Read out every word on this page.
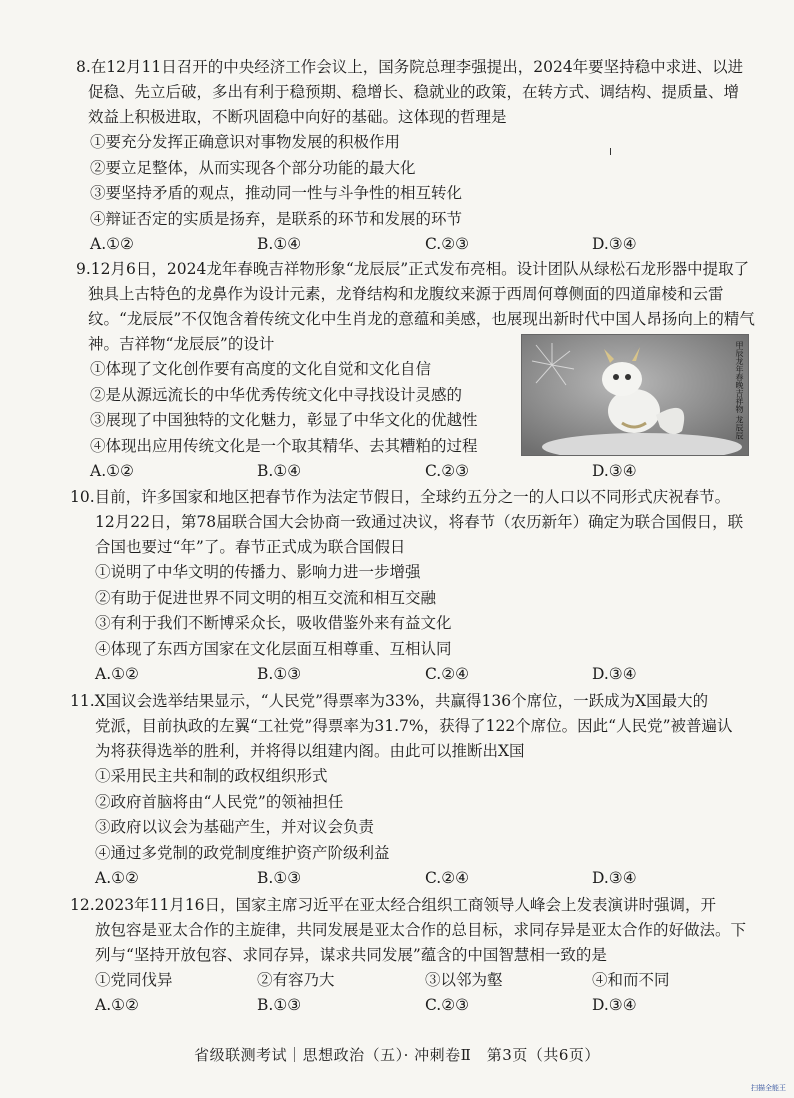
8.在12月11日召开的中央经济工作会议上，国务院总理李强提出，2024年要坚持稳中求进、以进促稳、先立后破，多出有利于稳预期、稳增长、稳就业的政策，在转方式、调结构、提质量、增效益上积极进取，不断巩固稳中向好的基础。这体现的哲理是

①要充分发挥正确意识对事物发展的积极作用

②要立足整体，从而实现各个部分功能的最大化

③要坚持矛盾的观点，推动同一性与斗争性的相互转化

④辩证否定的实质是扬弃，是联系的环节和发展的环节

A.①②	B.①④	C.②③	D.③④

9.12月6日，2024龙年春晚吉祥物形象“龙辰辰”正式发布亮相。设计团队从绿松石龙形器中提取了独具上古特色的龙鼻作为设计元素，龙脊结构和龙腹纹来源于西周何尊侧面的四道扉棱和云雷纹。“龙辰辰”不仅饱含着传统文化中生肖龙的意蕴和美感，也展现出新时代中国人昂扬向上的精气神。吉祥物“龙辰辰”的设计

①体现了文化创作要有高度的文化自觉和文化自信

②是从源远流长的中华优秀传统文化中寻找设计灵感的

③展现了中国独特的文化魅力，彰显了中华文化的优越性

④体现出应用传统文化是一个取其精华、去其糟粕的过程

A.①②	B.①④	C.②③	D.③④
甲辰龙年春晚吉祥物 龙辰辰

10.目前，许多国家和地区把春节作为法定节假日，全球约五分之一的人口以不同形式庆祝春节。

12月22日，第78届联合国大会协商一致通过决议，将春节（农历新年）确定为联合国假日，联合国也要过“年”了。春节正式成为联合国假日

①说明了中华文明的传播力、影响力进一步增强

②有助于促进世界不同文明的相互交流和相互交融

③有利于我们不断博采众长，吸收借鉴外来有益文化

④体现了东西方国家在文化层面互相尊重、互相认同

A.①②	B.①③	C.②④	D.③④

11.X国议会选举结果显示，“人民党”得票率为33%，共赢得136个席位，一跃成为X国最大的

党派，目前执政的左翼“工社党”得票率为31.7%，获得了122个席位。因此“人民党”被普遍认为将获得选举的胜利，并将得以组建内阁。由此可以推断出X国

①采用民主共和制的政权组织形式

②政府首脑将由“人民党”的领袖担任

③政府以议会为基础产生，并对议会负责

④通过多党制的政党制度维护资产阶级利益

A.①②	B.①③	C.②④	D.③④

12.2023年11月16日，国家主席习近平在亚太经合组织工商领导人峰会上发表演讲时强调，开

放包容是亚太合作的主旋律，共同发展是亚太合作的总目标，求同存异是亚太合作的好做法。下列与“坚持开放包容、求同存异，谋求共同发展”蕴含的中国智慧相一致的是

①党同伐异	②有容乃大	③以邻为壑	④和而不同
A.①②	B.①③	C.②③	D.③④
省级联测考试｜思想政治（五）· 冲刺卷Ⅱ　第3页（共6页）
扫描全能王
